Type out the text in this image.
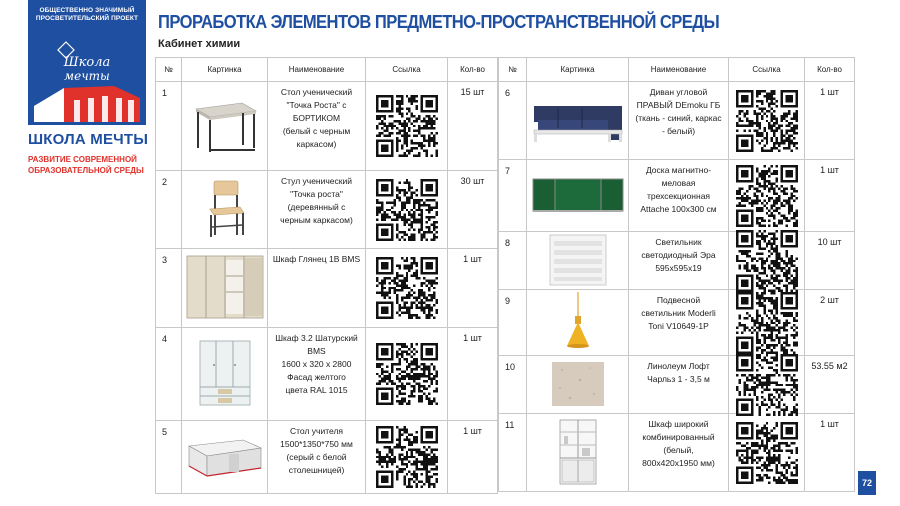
ОБЩЕСТВЕННО ЗНАЧИМЫЙ
ПРОСВЕТИТЕЛЬСКИЙ ПРОЕКТ
Школа
мечты
ШКОЛА МЕЧТЫ
РАЗВИТИЕ СОВРЕМЕННОЙ
ОБРАЗОВАТЕЛЬНОЙ СРЕДЫ
ПРОРАБОТКА ЭЛЕМЕНТОВ ПРЕДМЕТНО-ПРОСТРАНСТВЕННОЙ СРЕДЫ
Кабинет химии
№	Картинка	Наименование	Ссылка	Кол-во
1		Стол ученический
"Точка Роста" с
БОРТИКОМ
(белый с черным
каркасом)		15 шт
2		Стул ученический
"Точка роста"
(деревянный с
черным каркасом)		30 шт
3		Шкаф Глянец 1В BMS		1 шт
4		Шкаф 3.2 Шатурский
BMS
1600 х 320 х 2800
Фасад желтого
цвета RAL 1015		1 шт
5		Стол учителя
1500*1350*750 мм
(серый с белой
столешницей)		1 шт
№	Картинка	Наименование	Ссылка	Кол-во
6		Диван угловой
ПРАВЫЙ DEmoku ГБ
(ткань - синий, каркас
- белый)		1 шт
7		Доска магнитно-
меловая
трехсекционная
Attache 100х300 см		1 шт
8		Светильник
светодиодный Эра
595х595х19		10 шт
9		Подвесной
светильник Moderli
Toni V10649-1P		2 шт
10		Линолеум Лофт
Чарльз 1 - 3,5 м		53.55 м2
11		Шкаф широкий
комбинированный
(белый,
800х420х1950 мм)		1 шт
72
